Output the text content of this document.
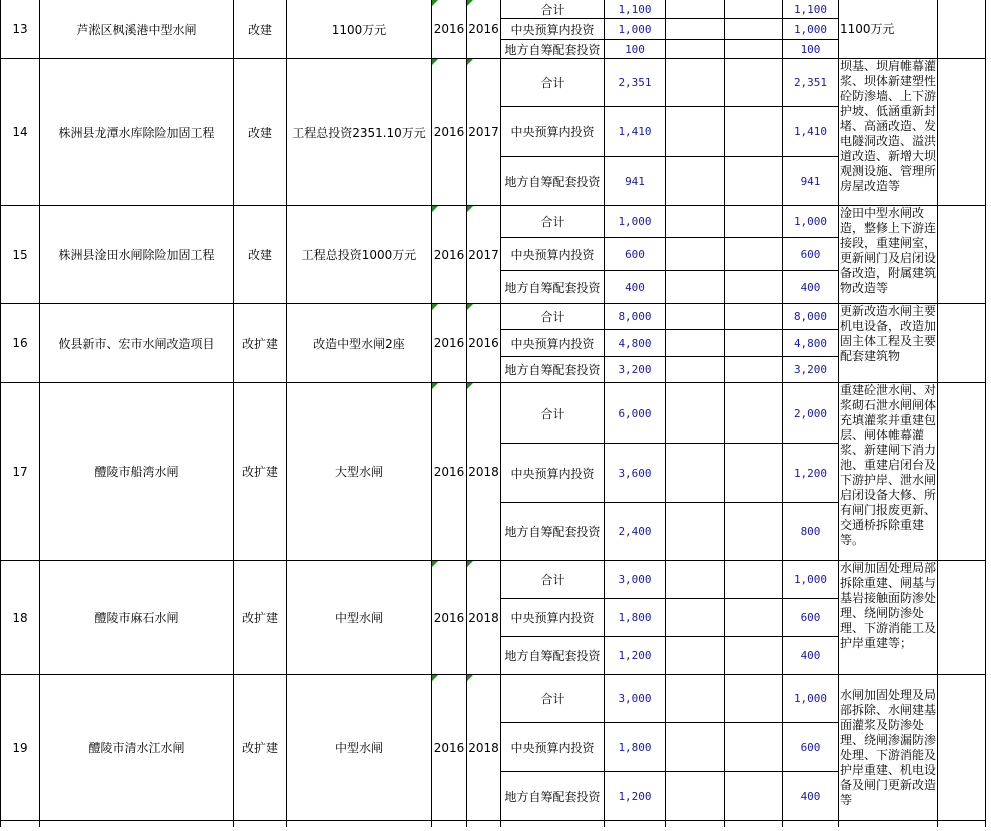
13	芦淞区枫溪港中型水闸	改建	1100万元	2016	2016	合计	1,100			1,100	1100万元	
						中央预算内投资	1,000			1,000		
						地方自筹配套投资	100			100		
14	株洲县龙潭水库除险加固工程	改建	工程总投资2351.10万元	2016	2017	合计	2,351			2,351	坝基、坝肩帷幕灌浆、坝体新建塑性砼防渗墙、上下游护坡、低涵重新封堵、高涵改造、发电隧洞改造、溢洪道改造、新增大坝观测设施、管理所房屋改造等	
						中央预算内投资	1,410			1,410		
						地方自筹配套投资	941			941		
15	株洲县淦田水闸除险加固工程	改建	工程总投资1000万元	2016	2017	合计	1,000			1,000	淦田中型水闸改造，整修上下游连接段，重建闸室，更新闸门及启闭设备改造，附属建筑物改造等	
						中央预算内投资	600			600		
						地方自筹配套投资	400			400		
16	攸县新市、宏市水闸改造项目	改扩建	改造中型水闸2座	2016	2016	合计	8,000			8,000	更新改造水闸主要机电设备，改造加固主体工程及主要配套建筑物	
						中央预算内投资	4,800			4,800		
						地方自筹配套投资	3,200			3,200		
17	醴陵市船湾水闸	改扩建	大型水闸	2016	2018	合计	6,000			2,000	重建砼泄水闸、对浆砌石泄水闸闸体充填灌浆并重建包层、闸体帷幕灌浆、新建闸下消力池、重建启闭台及下游护岸、泄水闸启闭设备大修、所有闸门报废更新、交通桥拆除重建等。	
						中央预算内投资	3,600			1,200		
						地方自筹配套投资	2,400			800		
18	醴陵市麻石水闸	改扩建	中型水闸	2016	2018	合计	3,000			1,000	水闸加固处理局部拆除重建、闸基与基岩接触面防渗处理、绕闸防渗处理、下游消能工及护岸重建等；	
						中央预算内投资	1,800			600		
						地方自筹配套投资	1,200			400		
19	醴陵市清水江水闸	改扩建	中型水闸	2016	2018	合计	3,000			1,000	水闸加固处理及局部拆除、水闸建基面灌浆及防渗处理、绕闸渗漏防渗处理、下游消能及护岸重建、机电设备及闸门更新改造等	
						中央预算内投资	1,800			600		
						地方自筹配套投资	1,200			400		
